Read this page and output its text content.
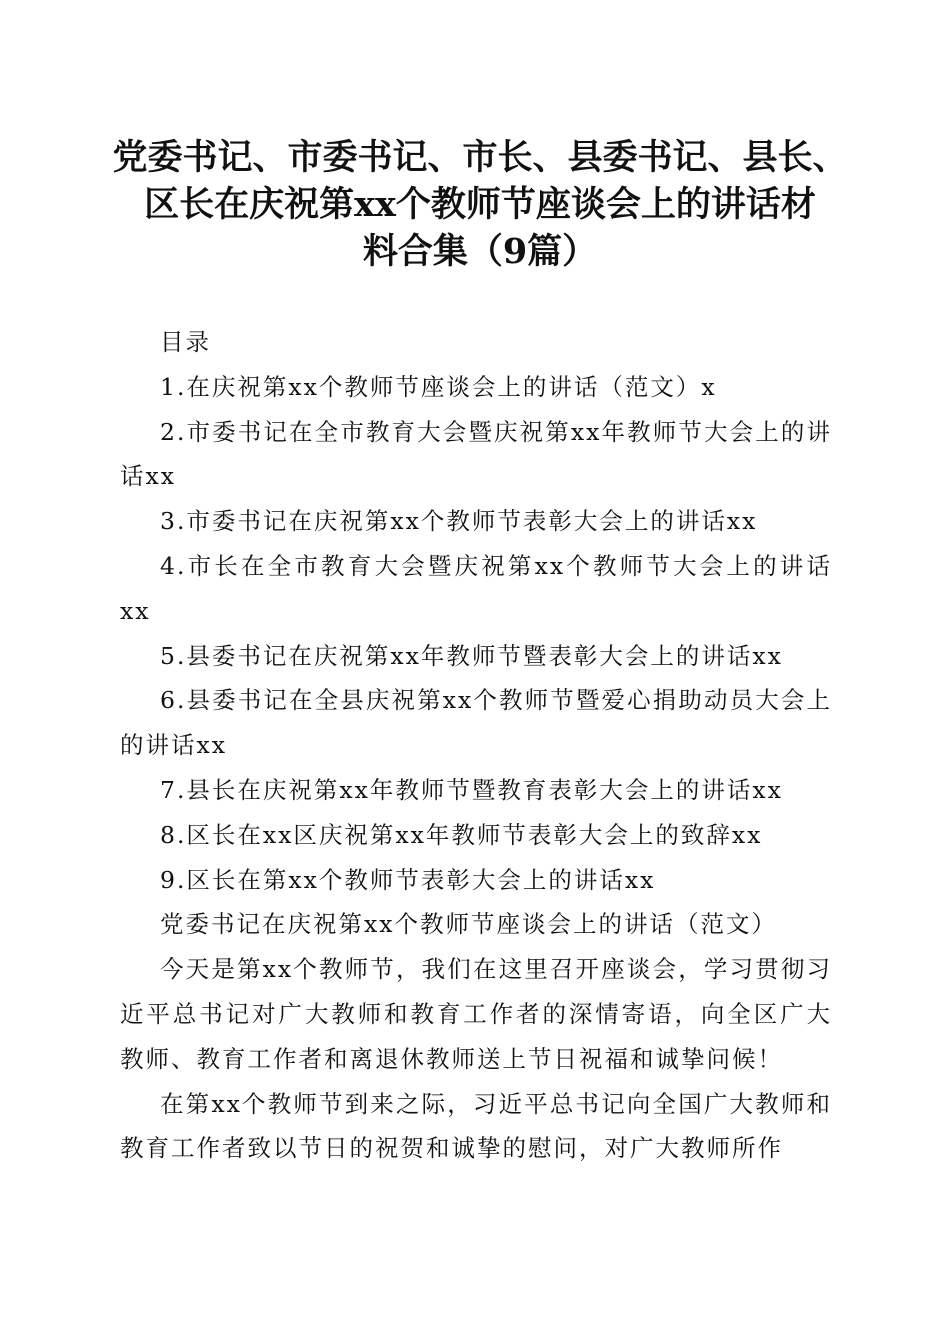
党委书记、市委书记、市长、县委书记、县长、
区长在庆祝第xx个教师节座谈会上的讲话材
料合集（9篇）

目录

1.在庆祝第xx个教师节座谈会上的讲话（范文）x

2.市委书记在全市教育大会暨庆祝第xx年教师节大会上的讲话xx

3.市委书记在庆祝第xx个教师节表彰大会上的讲话xx

4.市长在全市教育大会暨庆祝第xx个教师节大会上的讲话xx

5.县委书记在庆祝第xx年教师节暨表彰大会上的讲话xx

6.县委书记在全县庆祝第xx个教师节暨爱心捐助动员大会上的讲话xx

7.县长在庆祝第xx年教师节暨教育表彰大会上的讲话xx

8.区长在xx区庆祝第xx年教师节表彰大会上的致辞xx

9.区长在第xx个教师节表彰大会上的讲话xx

党委书记在庆祝第xx个教师节座谈会上的讲话（范文）

今天是第xx个教师节，我们在这里召开座谈会，学习贯彻习近平总书记对广大教师和教育工作者的深情寄语，向全区广大教师、教育工作者和离退休教师送上节日祝福和诚挚问候！

在第xx个教师节到来之际，习近平总书记向全国广大教师和教育工作者致以节日的祝贺和诚挚的慰问，对广大教师所作
